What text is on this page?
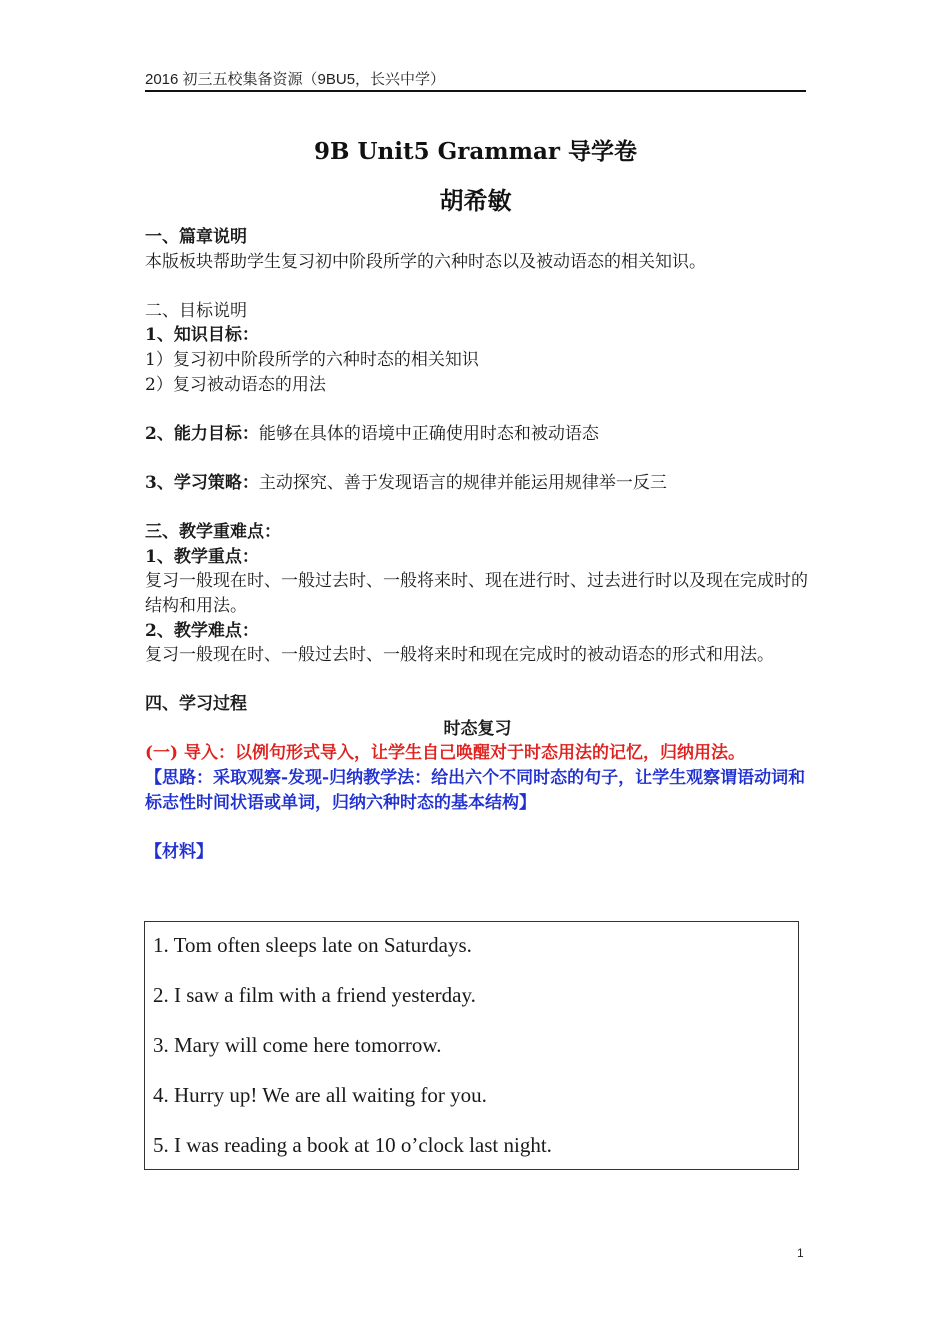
2016 初三五校集备资源（9BU5，长兴中学）
9B Unit5 Grammar 导学卷
胡希敏

一、篇章说明

本版板块帮助学生复习初中阶段所学的六种时态以及被动语态的相关知识。

二、目标说明

1、知识目标：

1）复习初中阶段所学的六种时态的相关知识

2）复习被动语态的用法

2、能力目标：能够在具体的语境中正确使用时态和被动语态

3、学习策略：主动探究、善于发现语言的规律并能运用规律举一反三

三、教学重难点：

1、教学重点：

复习一般现在时、一般过去时、一般将来时、现在进行时、过去进行时以及现在完成时的结构和用法。

2、教学难点：

复习一般现在时、一般过去时、一般将来时和现在完成时的被动语态的形式和用法。

四、学习过程

时态复习

(一) 导入：以例句形式导入，让学生自己唤醒对于时态用法的记忆，归纳用法。

【思路：采取观察-发现-归纳教学法：给出六个不同时态的句子，让学生观察谓语动词和标志性时间状语或单词，归纳六种时态的基本结构】

【材料】

1. Tom often sleeps late on Saturdays.
2. I saw a film with a friend yesterday.
3. Mary will come here tomorrow.
4. Hurry up! We are all waiting for you.
5. I was reading a book at 10 o’clock last night.
1
